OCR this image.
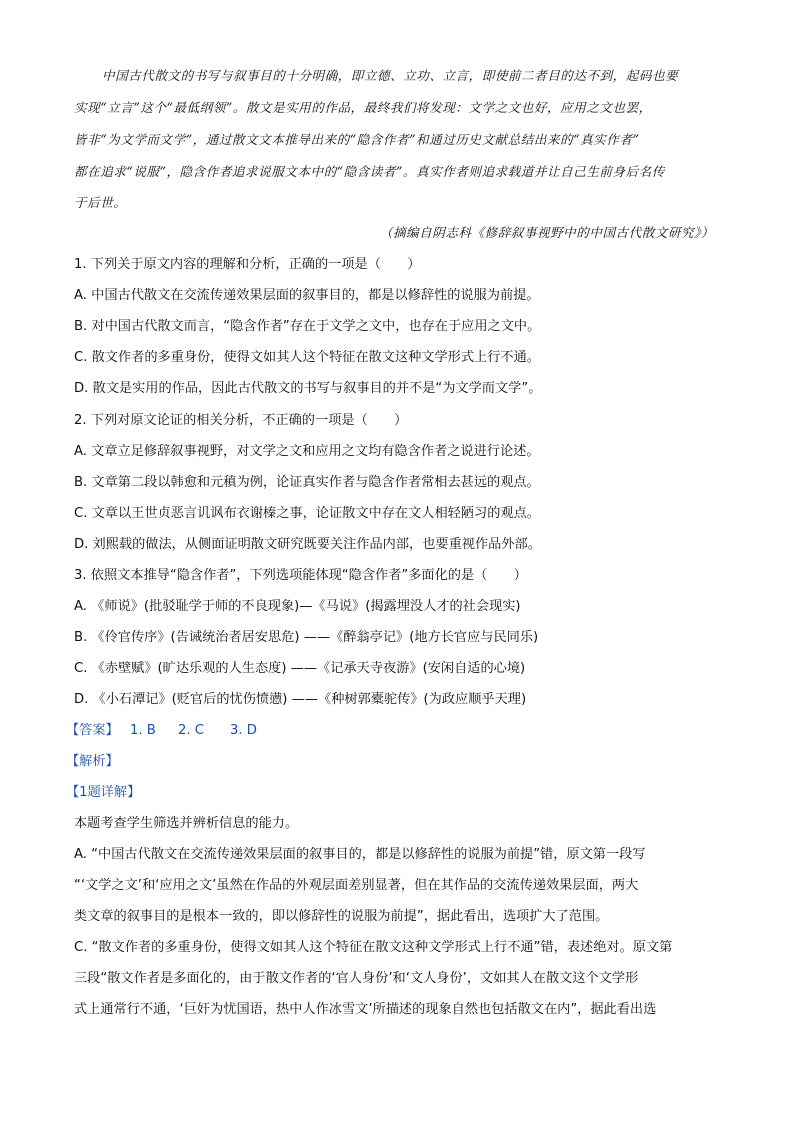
中国古代散文的书写与叙事目的十分明确，即立德、立功、立言，即使前二者目的达不到，起码也要

实现“立言”这个“最低纲领”。散文是实用的作品，最终我们将发现：文学之文也好，应用之文也罢，

皆非“为文学而文学”，通过散文文本推导出来的“隐含作者”和通过历史文献总结出来的“真实作者”

都在追求“说服”，隐含作者追求说服文本中的“隐含读者”。真实作者则追求载道并让自己生前身后名传

于后世。

（摘编自阴志科《修辞叙事视野中的中国古代散文研究》）

1. 下列关于原文内容的理解和分析，正确的一项是（　　）

A. 中国古代散文在交流传递效果层面的叙事目的，都是以修辞性的说服为前提。

B. 对中国古代散文而言，“隐含作者”存在于文学之文中，也存在于应用之文中。

C. 散文作者的多重身份，使得文如其人这个特征在散文这种文学形式上行不通。

D. 散文是实用的作品，因此古代散文的书写与叙事目的并不是“为文学而文学”。

2. 下列对原文论证的相关分析，不正确的一项是（　　）

A. 文章立足修辞叙事视野，对文学之文和应用之文均有隐含作者之说进行论述。

B. 文章第二段以韩愈和元稹为例，论证真实作者与隐含作者常相去甚远的观点。

C. 文章以王世贞恶言讥讽布衣谢榛之事，论证散文中存在文人相轻陋习的观点。

D. 刘熙载的做法，从侧面证明散文研究既要关注作品内部，也要重视作品外部。

3. 依照文本推导“隐含作者”，下列选项能体现“隐含作者”多面化的是（　　）

A. 《师说》(批驳耻学于师的不良现象)—《马说》(揭露埋没人才的社会现实)

B. 《伶官传序》(告诫统治者居安思危) ——《醉翁亭记》(地方长官应与民同乐)

C. 《赤壁赋》(旷达乐观的人生态度) ——《记承天寺夜游》(安闲自适的心境)

D. 《小石潭记》(贬官后的忧伤愤懑) ——《种树郭橐驼传》(为政应顺乎天理)

【答案】 1. B 2. C 3. D

【解析】

【1题详解】

本题考查学生筛选并辨析信息的能力。

A. “中国古代散文在交流传递效果层面的叙事目的，都是以修辞性的说服为前提”错，原文第一段写

“‘文学之文’和‘应用之文’虽然在作品的外观层面差别显著，但在其作品的交流传递效果层面，两大

类文章的叙事目的是根本一致的，即以修辞性的说服为前提”，据此看出，选项扩大了范围。

C. “散文作者的多重身份，使得文如其人这个特征在散文这种文学形式上行不通”错，表述绝对。原文第

三段“散文作者是多面化的，由于散文作者的‘官人身份’和‘文人身份’，文如其人在散文这个文学形

式上通常行不通，‘巨奸为忧国语，热中人作冰雪文’所描述的现象自然也包括散文在内”，据此看出选
